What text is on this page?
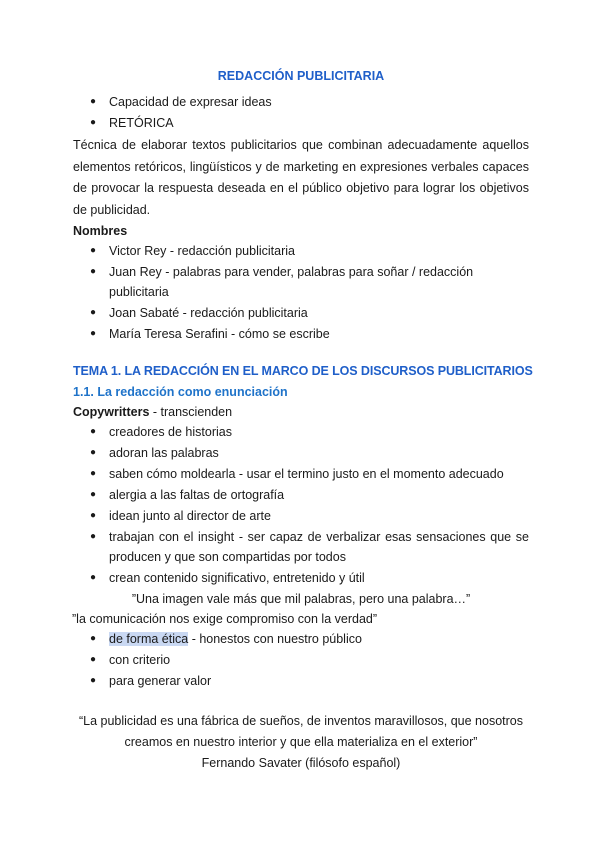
REDACCIÓN PUBLICITARIA
● Capacidad de expresar ideas
● RETÓRICA
Técnica de elaborar textos publicitarios que combinan adecuadamente aquellos elementos retóricos, lingüísticos y de marketing en expresiones verbales capaces de provocar la respuesta deseada en el público objetivo para lograr los objetivos de publicidad.
Nombres
● Victor Rey - redacción publicitaria
● Juan Rey - palabras para vender, palabras para soñar / redacción publicitaria
● Joan Sabaté - redacción publicitaria
● María Teresa Serafini - cómo se escribe
TEMA 1. LA REDACCIÓN EN EL MARCO DE LOS DISCURSOS PUBLICITARIOS
1.1. La redacción como enunciación
Copywritters - transcienden
● creadores de historias
● adoran las palabras
● saben cómo moldearla - usar el termino justo en el momento adecuado
● alergia a las faltas de ortografía
● idean junto al director de arte
● trabajan con el insight - ser capaz de verbalizar esas sensaciones que se producen y que son compartidas por todos
● crean contenido significativo, entretenido y útil
”Una imagen vale más que mil palabras, pero una palabra…”
”la comunicación nos exige compromiso con la verdad”
● de forma ética - honestos con nuestro público
● con criterio
● para generar valor
“La publicidad es una fábrica de sueños, de inventos maravillosos, que nosotros
creamos en nuestro interior y que ella materializa en el exterior”
Fernando Savater (filósofo español)
